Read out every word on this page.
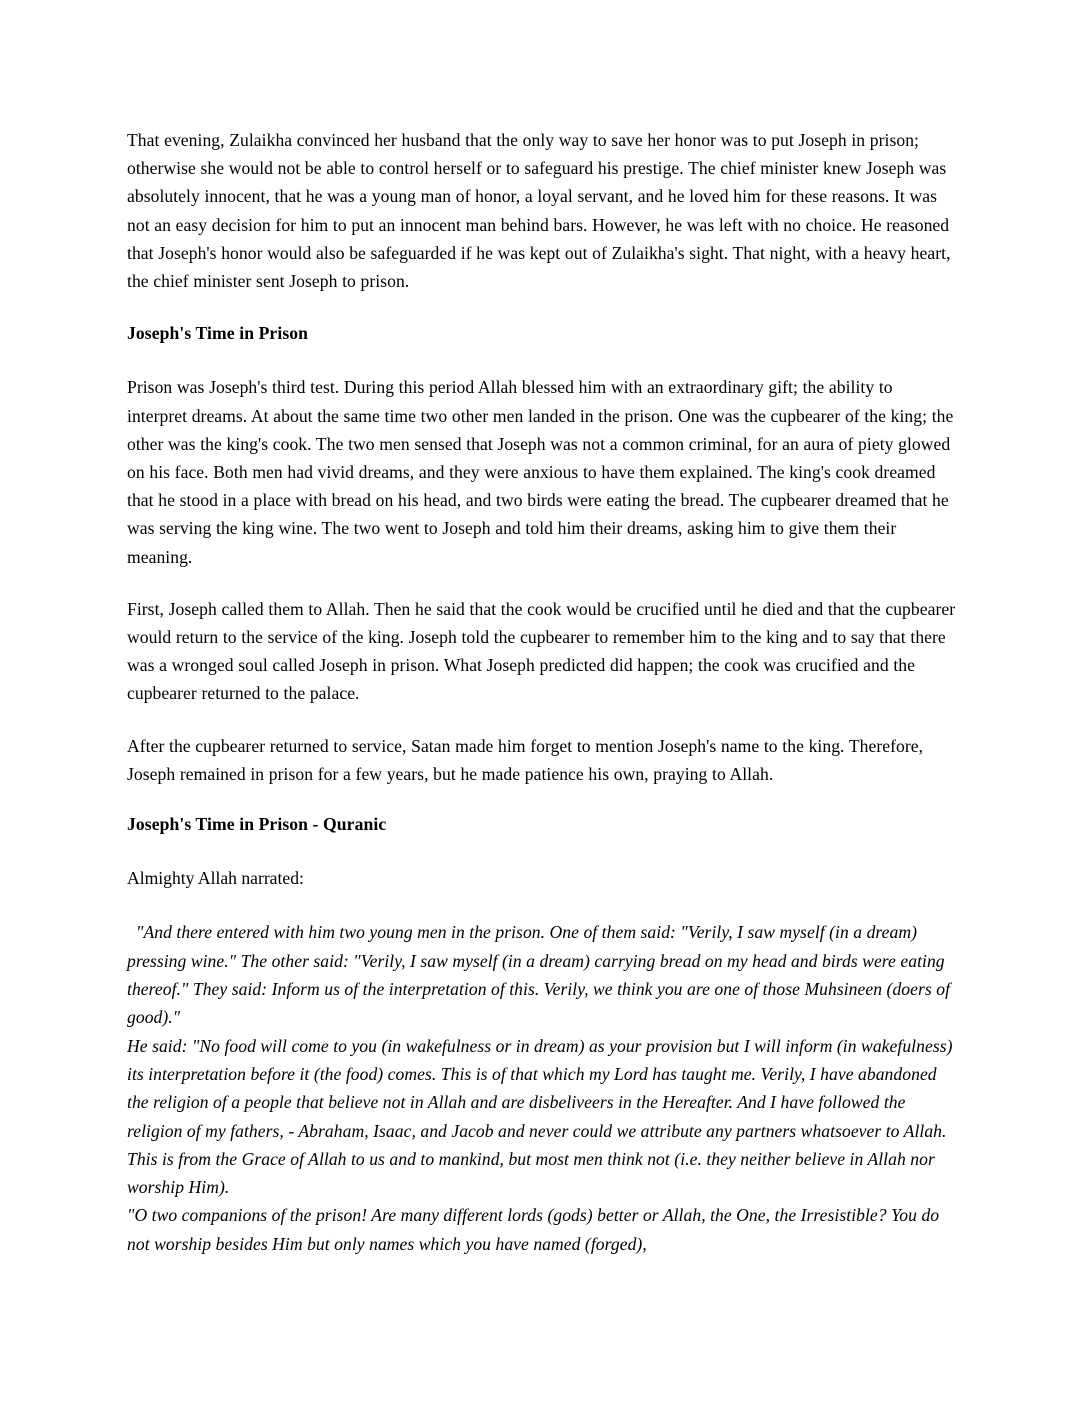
That evening, Zulaikha convinced her husband that the only way to save her honor was to put Joseph in prison; otherwise she would not be able to control herself or to safeguard his prestige. The chief minister knew Joseph was absolutely innocent, that he was a young man of honor, a loyal servant, and he loved him for these reasons. It was not an easy decision for him to put an innocent man behind bars. However, he was left with no choice. He reasoned that Joseph's honor would also be safeguarded if he was kept out of Zulaikha's sight. That night, with a heavy heart, the chief minister sent Joseph to prison.

Joseph's Time in Prison

Prison was Joseph's third test. During this period Allah blessed him with an extraordinary gift; the ability to interpret dreams. At about the same time two other men landed in the prison. One was the cupbearer of the king; the other was the king's cook. The two men sensed that Joseph was not a common criminal, for an aura of piety glowed on his face. Both men had vivid dreams, and they were anxious to have them explained. The king's cook dreamed that he stood in a place with bread on his head, and two birds were eating the bread. The cupbearer dreamed that he was serving the king wine. The two went to Joseph and told him their dreams, asking him to give them their meaning.

First, Joseph called them to Allah. Then he said that the cook would be crucified until he died and that the cupbearer would return to the service of the king. Joseph told the cupbearer to remember him to the king and to say that there was a wronged soul called Joseph in prison. What Joseph predicted did happen; the cook was crucified and the cupbearer returned to the palace.

After the cupbearer returned to service, Satan made him forget to mention Joseph's name to the king. Therefore, Joseph remained in prison for a few years, but he made patience his own, praying to Allah.

Joseph's Time in Prison - Quranic

Almighty Allah narrated:

"And there entered with him two young men in the prison. One of them said: "Verily, I saw myself (in a dream) pressing wine." The other said: "Verily, I saw myself (in a dream) carrying bread on my head and birds were eating thereof." They said: Inform us of the interpretation of this. Verily, we think you are one of those Muhsineen (doers of good)."

He said: "No food will come to you (in wakefulness or in dream) as your provision but I will inform (in wakefulness) its interpretation before it (the food) comes. This is of that which my Lord has taught me. Verily, I have abandoned the religion of a people that believe not in Allah and are disbeliveers in the Hereafter. And I have followed the religion of my fathers, - Abraham, Isaac, and Jacob and never could we attribute any partners whatsoever to Allah. This is from the Grace of Allah to us and to mankind, but most men think not (i.e. they neither believe in Allah nor worship Him).

"O two companions of the prison! Are many different lords (gods) better or Allah, the One, the Irresistible? You do not worship besides Him but only names which you have named (forged),
